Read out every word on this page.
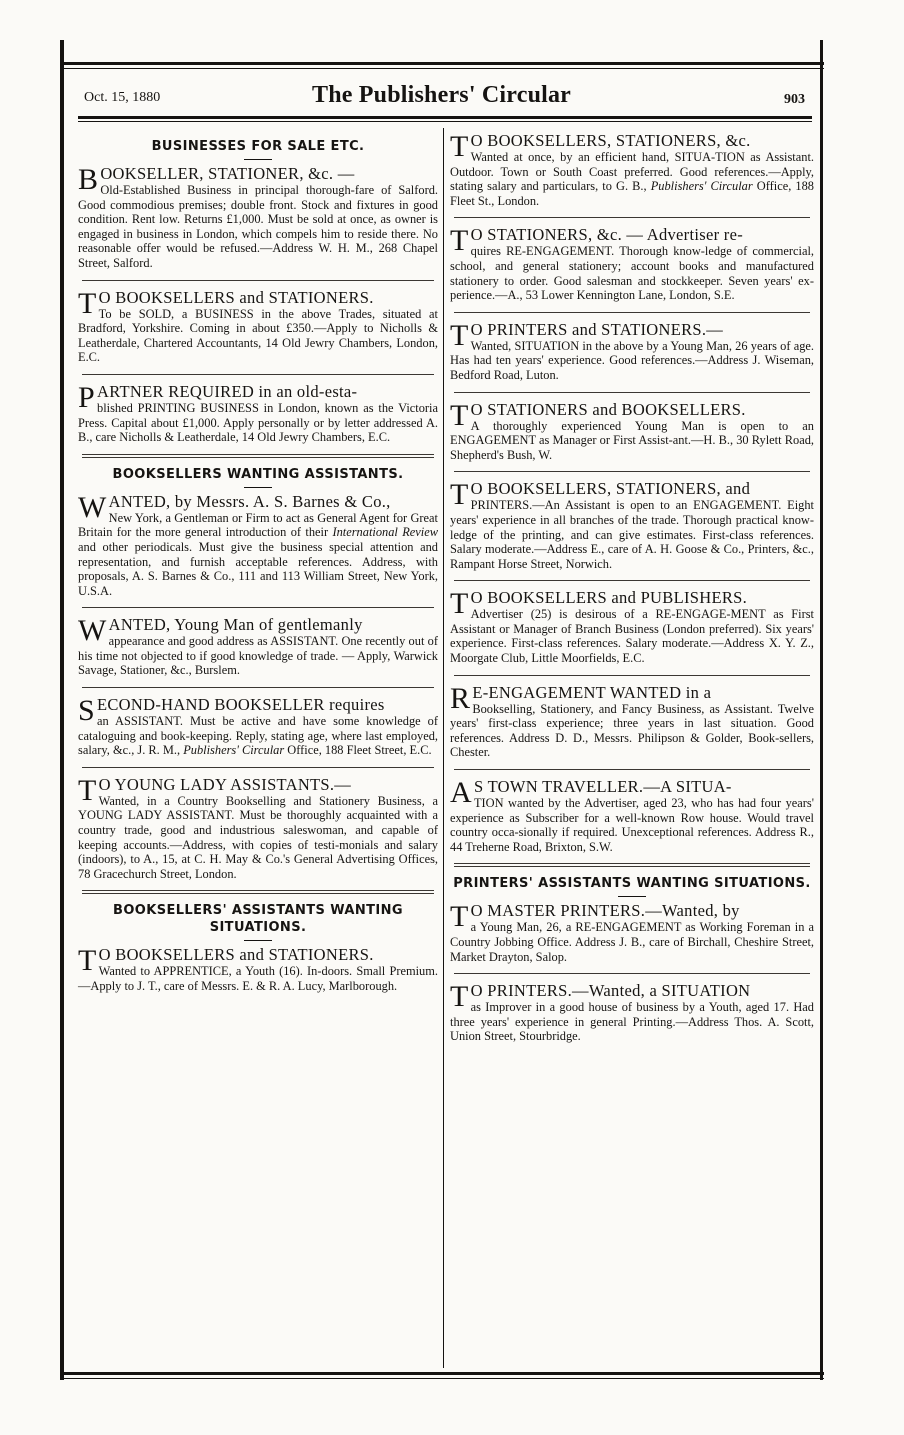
Oct. 15, 1880	The Publishers' Circular	903
BUSINESSES FOR SALE ETC.
BOOKSELLER, STATIONER, &c. —
Old-Established Business in principal thorough-fare of Salford. Good commodious premises; double front. Stock and fixtures in good condition. Rent low. Returns £1,000. Must be sold at once, as owner is engaged in business in London, which compels him to reside there. No reasonable offer would be refused.—Address W. H. M., 268 Chapel Street, Salford.
T O BOOKSELLERS and STATIONERS.
To be SOLD, a BUSINESS in the above Trades, situated at Bradford, Yorkshire. Coming in about £350.—Apply to Nicholls & Leatherdale, Chartered Accountants, 14 Old Jewry Chambers, London, E.C.
PARTNER REQUIRED in an old-esta-
blished PRINTING BUSINESS in London, known as the Victoria Press. Capital about £1,000. Apply personally or by letter addressed A. B., care Nicholls & Leatherdale, 14 Old Jewry Chambers, E.C.
BOOKSELLERS WANTING ASSISTANTS.
WANTED, by Messrs. A. S. Barnes & Co.,
New York, a Gentleman or Firm to act as General Agent for Great Britain for the more general introduction of their International Review and other periodicals. Must give the business special attention and representation, and furnish acceptable references. Address, with proposals, A. S. Barnes & Co., 111 and 113 William Street, New York, U.S.A.
WANTED, Young Man of gentlemanly
appearance and good address as ASSISTANT. One recently out of his time not objected to if good knowledge of trade. — Apply, Warwick Savage, Stationer, &c., Burslem.
SECOND-HAND BOOKSELLER requires
an ASSISTANT. Must be active and have some knowledge of cataloguing and book-keeping. Reply, stating age, where last employed, salary, &c., J. R. M., Publishers' Circular Office, 188 Fleet Street, E.C.
T O YOUNG LADY ASSISTANTS.—
Wanted, in a Country Bookselling and Stationery Business, a YOUNG LADY ASSISTANT. Must be thoroughly acquainted with a country trade, good and industrious saleswoman, and capable of keeping accounts.—Address, with copies of testi-monials and salary (indoors), to A., 15, at C. H. May & Co.'s General Advertising Offices, 78 Gracechurch Street, London.
BOOKSELLERS' ASSISTANTS WANTING SITUATIONS.
T O BOOKSELLERS and STATIONERS.
Wanted to APPRENTICE, a Youth (16). In-doors. Small Premium.—Apply to J. T., care of Messrs. E. & R. A. Lucy, Marlborough.
T O BOOKSELLERS, STATIONERS, &c.
Wanted at once, by an efficient hand, SITUA-TION as Assistant. Outdoor. Town or South Coast preferred. Good references.—Apply, stating salary and particulars, to G. B., Publishers' Circular Office, 188 Fleet St., London.
T O STATIONERS, &c. — Advertiser re-
quires RE-ENGAGEMENT. Thorough know-ledge of commercial, school, and general stationery; account books and manufactured stationery to order. Good salesman and stockkeeper. Seven years' ex-perience.—A., 53 Lower Kennington Lane, London, S.E.
T O PRINTERS and STATIONERS.—
Wanted, SITUATION in the above by a Young Man, 26 years of age. Has had ten years' experience. Good references.—Address J. Wiseman, Bedford Road, Luton.
T O STATIONERS and BOOKSELLERS.
A thoroughly experienced Young Man is open to an ENGAGEMENT as Manager or First Assist-ant.—H. B., 30 Rylett Road, Shepherd's Bush, W.
T O BOOKSELLERS, STATIONERS, and
PRINTERS.—An Assistant is open to an ENGAGEMENT. Eight years' experience in all branches of the trade. Thorough practical know-ledge of the printing, and can give estimates. First-class references. Salary moderate.—Address E., care of A. H. Goose & Co., Printers, &c., Rampant Horse Street, Norwich.
T O BOOKSELLERS and PUBLISHERS.
Advertiser (25) is desirous of a RE-ENGAGE-MENT as First Assistant or Manager of Branch Business (London preferred). Six years' experience. First-class references. Salary moderate.—Address X. Y. Z., Moorgate Club, Little Moorfields, E.C.
R E-ENGAGEMENT WANTED in a
Bookselling, Stationery, and Fancy Business, as Assistant. Twelve years' first-class experience; three years in last situation. Good references. Address D. D., Messrs. Philipson & Golder, Book-sellers, Chester.
A S TOWN TRAVELLER.—A SITUA-
TION wanted by the Advertiser, aged 23, who has had four years' experience as Subscriber for a well-known Row house. Would travel country occa-sionally if required. Unexceptional references. Address R., 44 Treherne Road, Brixton, S.W.
PRINTERS' ASSISTANTS WANTING SITUATIONS.
T O MASTER PRINTERS.—Wanted, by
a Young Man, 26, a RE-ENGAGEMENT as Working Foreman in a Country Jobbing Office. Address J. B., care of Birchall, Cheshire Street, Market Drayton, Salop.
T O PRINTERS.—Wanted, a SITUATION
as Improver in a good house of business by a Youth, aged 17. Had three years' experience in general Printing.—Address Thos. A. Scott, Union Street, Stourbridge.
